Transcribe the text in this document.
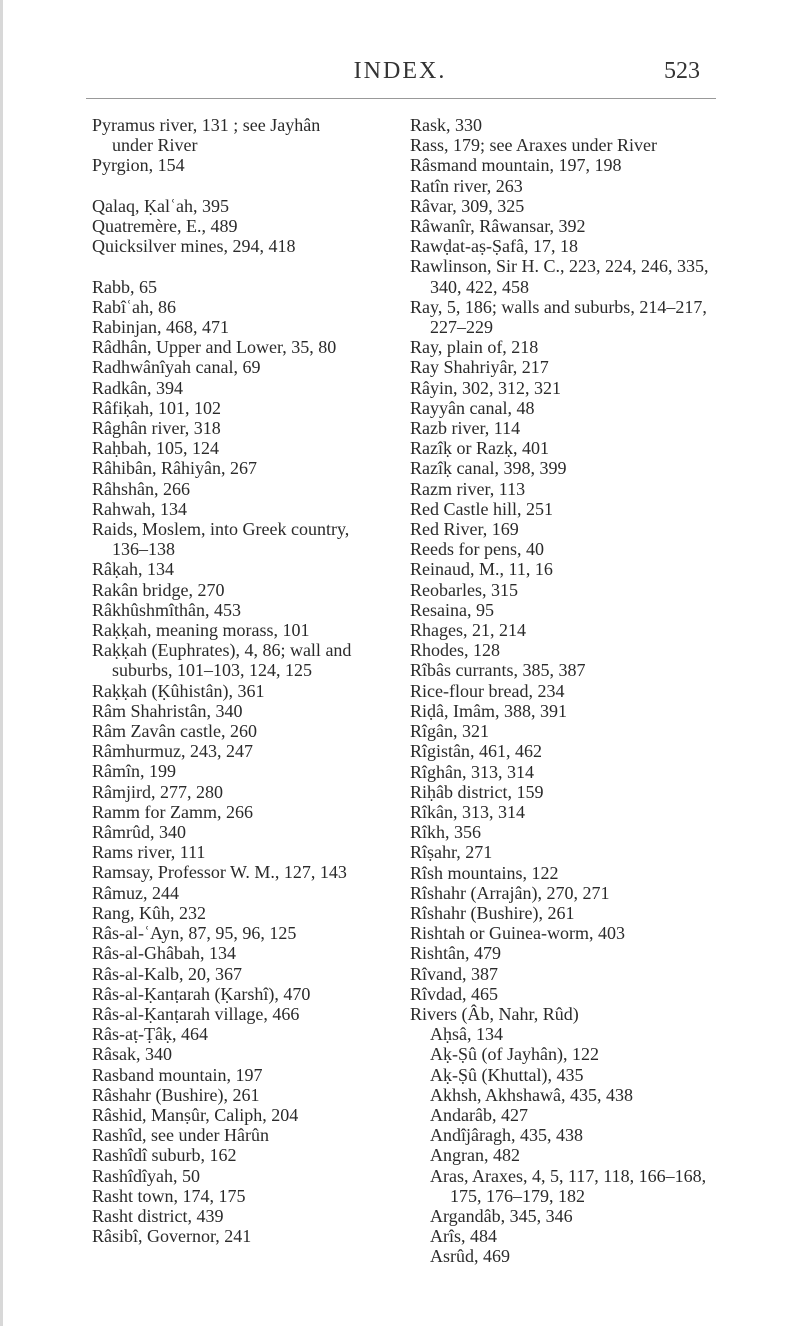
INDEX.	523
Pyramus river, 131 ; see Jayhân under River
Pyrgion, 154
Qalaq, Ḳalʿah, 395
Quatremère, E., 489
Quicksilver mines, 294, 418
Rabb, 65
Rabîʿah, 86
Rabinjan, 468, 471
Râdhân, Upper and Lower, 35, 80
Radhwânîyah canal, 69
Radkân, 394
Râfiḳah, 101, 102
Râghân river, 318
Raḥbah, 105, 124
Râhibân, Râhiyân, 267
Râhshân, 266
Rahwah, 134
Raids, Moslem, into Greek country, 136–138
Râḳah, 134
Rakân bridge, 270
Râkhûshmîthân, 453
Raḳḳah, meaning morass, 101
Raḳḳah (Euphrates), 4, 86; wall and suburbs, 101–103, 124, 125
Raḳḳah (Ḳûhistân), 361
Râm Shahristân, 340
Râm Zavân castle, 260
Râmhurmuz, 243, 247
Râmîn, 199
Râmjird, 277, 280
Ramm for Zamm, 266
Râmrûd, 340
Rams river, 111
Ramsay, Professor W. M., 127, 143
Râmuz, 244
Rang, Kûh, 232
Râs-al-ʿAyn, 87, 95, 96, 125
Râs-al-Ghâbah, 134
Râs-al-Kalb, 20, 367
Râs-al-Ḳanṭarah (Ḳarshî), 470
Râs-al-Ḳanṭarah village, 466
Râs-aṭ-Ṭâḳ, 464
Râsak, 340
Rasband mountain, 197
Râshahr (Bushire), 261
Râshid, Manṣûr, Caliph, 204
Rashîd, see under Hârûn
Rashîdî suburb, 162
Rashîdîyah, 50
Rasht town, 174, 175
Rasht district, 439
Râsibî, Governor, 241
Rask, 330
Rass, 179; see Araxes under River
Râsmand mountain, 197, 198
Ratîn river, 263
Râvar, 309, 325
Râwanîr, Râwansar, 392
Rawḍat-aṣ-Ṣafâ, 17, 18
Rawlinson, Sir H. C., 223, 224, 246, 335, 340, 422, 458
Ray, 5, 186; walls and suburbs, 214–217, 227–229
Ray, plain of, 218
Ray Shahriyâr, 217
Râyin, 302, 312, 321
Rayyân canal, 48
Razb river, 114
Razîḳ or Razḳ, 401
Razîḳ canal, 398, 399
Razm river, 113
Red Castle hill, 251
Red River, 169
Reeds for pens, 40
Reinaud, M., 11, 16
Reobarles, 315
Resaina, 95
Rhages, 21, 214
Rhodes, 128
Rîbâs currants, 385, 387
Rice-flour bread, 234
Riḍâ, Imâm, 388, 391
Rîgân, 321
Rîgistân, 461, 462
Rîghân, 313, 314
Riḥâb district, 159
Rîkân, 313, 314
Rîkh, 356
Rîṣahr, 271
Rîsh mountains, 122
Rîshahr (Arrajân), 270, 271
Rîshahr (Bushire), 261
Rishtah or Guinea-worm, 403
Rishtân, 479
Rîvand, 387
Rîvdad, 465
Rivers (Âb, Nahr, Rûd)
Aḥsâ, 134
Aḳ-Ṣû (of Jayhân), 122
Aḳ-Ṣû (Khuttal), 435
Akhsh, Akhshawâ, 435, 438
Andarâb, 427
Andîjâragh, 435, 438
Angran, 482
Aras, Araxes, 4, 5, 117, 118, 166–168, 175, 176–179, 182
Argandâb, 345, 346
Arîs, 484
Asrûd, 469
